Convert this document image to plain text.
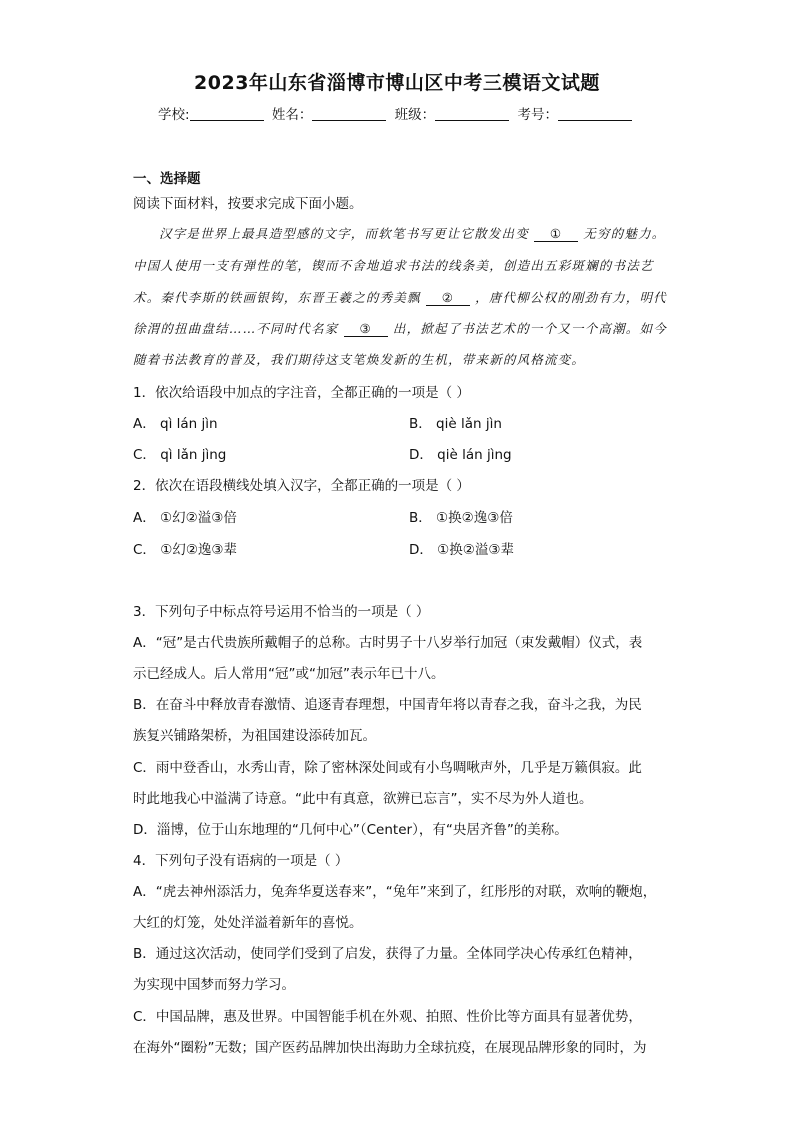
2023年山东省淄博市博山区中考三模语文试题
学校:	姓名：	班级：	考号：
一、选择题
阅读下面材料，按要求完成下面小题。
汉字是世界上最具造型感的文字，而软笔书写更让它散发出变 ① 无穷的魅力。
中国人使用一支有弹性的笔，锲而不舍地追求书法的线条美，创造出五彩斑斓的书法艺
术。秦代李斯的铁画银钩，东晋王羲之的秀美飘 ② ，唐代柳公权的刚劲有力，明代
徐渭的扭曲盘结……不同时代名家 ③ 出，掀起了书法艺术的一个又一个高潮。如今
随着书法教育的普及，我们期待这支笔焕发新的生机，带来新的风格流变。
1．依次给语段中加点的字注音，全都正确的一项是（ ）
A． qì lán jìn	B． qiè lǎn jìn
C． qì lǎn jìng	D． qiè lán jìng
2．依次在语段横线处填入汉字，全都正确的一项是（ ）
A． ①幻②溢③倍	B． ①换②逸③倍
C． ①幻②逸③辈	D． ①换②溢③辈
3．下列句子中标点符号运用不恰当的一项是（ ）
A．“冠”是古代贵族所戴帽子的总称。古时男子十八岁举行加冠（束发戴帽）仪式，表
示已经成人。后人常用“冠”或“加冠”表示年已十八。
B．在奋斗中释放青春激情、追逐青春理想，中国青年将以青春之我，奋斗之我，为民
族复兴铺路架桥，为祖国建设添砖加瓦。
C．雨中登香山，水秀山青，除了密林深处间或有小鸟啁啾声外，几乎是万籁俱寂。此
时此地我心中溢满了诗意。“此中有真意，欲辨已忘言”，实不尽为外人道也。
D．淄博，位于山东地理的“几何中心”（Center），有“央居齐鲁”的美称。
4．下列句子没有语病的一项是（ ）
A．“虎去神州添活力，兔奔华夏送春来”，“兔年”来到了，红彤彤的对联，欢响的鞭炮，
大红的灯笼，处处洋溢着新年的喜悦。
B．通过这次活动，使同学们受到了启发，获得了力量。全体同学决心传承红色精神，
为实现中国梦而努力学习。
C．中国品牌，惠及世界。中国智能手机在外观、拍照、性价比等方面具有显著优势，
在海外“圈粉”无数；国产医药品牌加快出海助力全球抗疫，在展现品牌形象的同时，为
